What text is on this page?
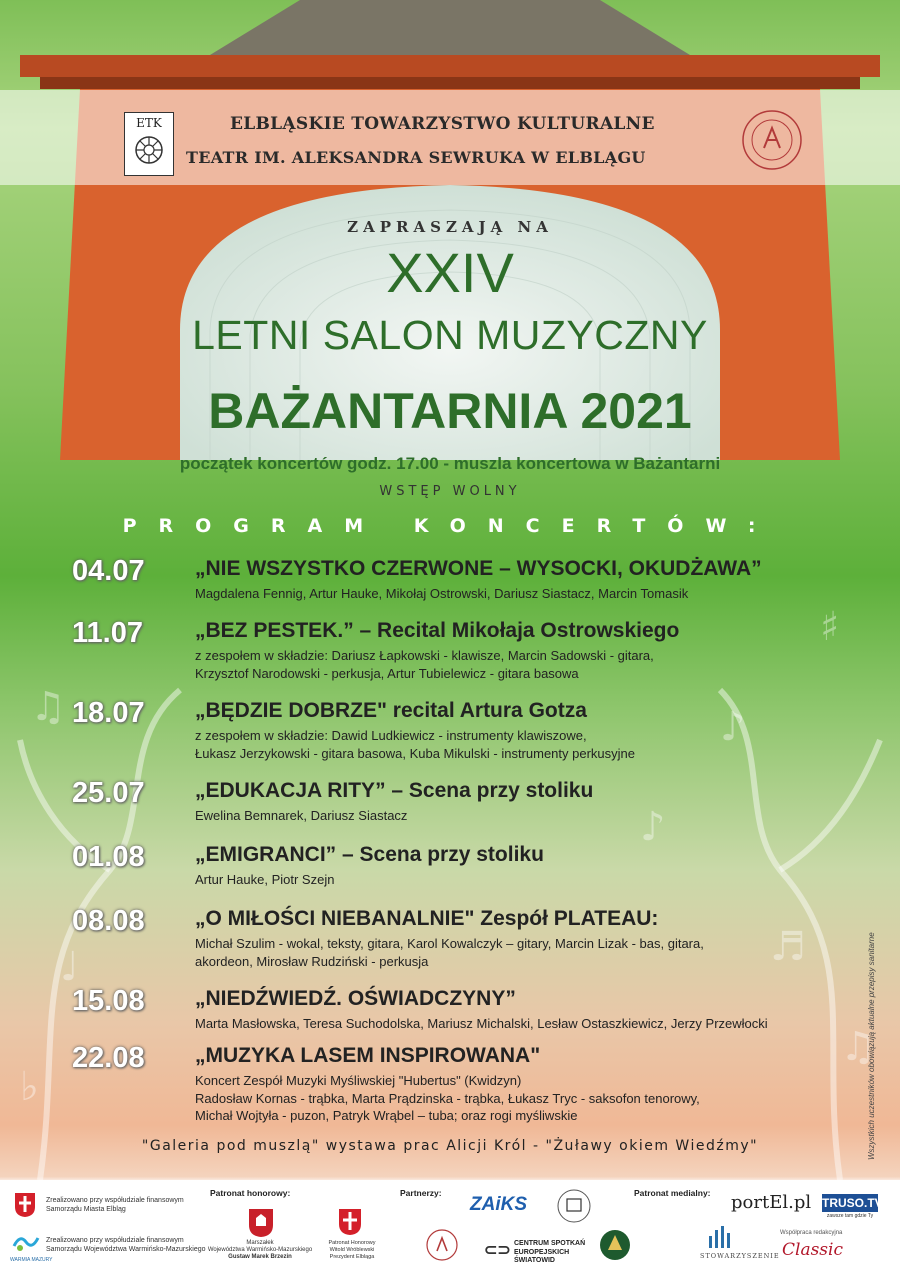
ETK	ELBLĄSKIE TOWARZYSTWO KULTURALNE
TEATR IM. ALEKSANDRA SEWRUKA W ELBLĄGU
ZAPRASZAJĄ NA
XXIV
LETNI SALON MUZYCZNY
BAŻANTARNIA 2021
początek koncertów godz. 17.00 - muszla koncertowa w Bażantarni
WSTĘP WOLNY
PROGRAM KONCERTÓW:
♫	♪
♯
♩	♬
♪
♫
♭
04.07 „NIE WSZYSTKO CZERWONE – WYSOCKI, OKUDŻAWA”
Magdalena Fennig, Artur Hauke, Mikołaj Ostrowski, Dariusz Siastacz, Marcin Tomasik
11.07 „BEZ PESTEK.” – Recital Mikołaja Ostrowskiego
z zespołem w składzie: Dariusz Łapkowski - klawisze, Marcin Sadowski - gitara,
Krzysztof Narodowski - perkusja, Artur Tubielewicz - gitara basowa
18.07 „BĘDZIE DOBRZE" recital Artura Gotza
z zespołem w składzie: Dawid Ludkiewicz - instrumenty klawiszowe,
Łukasz Jerzykowski - gitara basowa, Kuba Mikulski - instrumenty perkusyjne
25.07 „EDUKACJA RITY” – Scena przy stoliku
Ewelina Bemnarek, Dariusz Siastacz
01.08 „EMIGRANCI” – Scena przy stoliku
Artur Hauke, Piotr Szejn
08.08 „O MIŁOŚCI NIEBANALNIE" Zespół PLATEAU:
Michał Szulim - wokal, teksty, gitara, Karol Kowalczyk – gitary, Marcin Lizak - bas, gitara,
akordeon, Mirosław Rudziński - perkusja
15.08 „NIEDŹWIEDŹ. OŚWIADCZYNY”
Marta Masłowska, Teresa Suchodolska, Mariusz Michalski, Lesław Ostaszkiewicz, Jerzy Przewłocki
22.08 „MUZYKA LASEM INSPIROWANA"
Koncert Zespół Muzyki Myśliwskiej "Hubertus" (Kwidzyn)
Radosław Kornas - trąbka, Marta Prądzinska - trąbka, Łukasz Tryc - saksofon tenorowy,
Michał Wojtyła - puzon, Patryk Wrąbel – tuba; oraz rogi myśliwskie
"Galeria pod muszlą" wystawa prac Alicji Król - "Żuławy okiem Wiedźmy"	Wszystkich uczestników obowiązują aktualne przepisy sanitarne
Zrealizowano przy współudziale finansowym
Samorządu Miasta Elbląg
WARMIA MAZURY
Zrealizowano przy współudziale finansowym
Samorządu Województwa Warmińsko-Mazurskiego
Patronat honorowy:
Marszałek
Województwa Warmińsko-Mazurskiego
Gustaw Marek Brzezin
Patronat Honorowy
Witold Wróblewski
Prezydent Elbląga
Partnerzy:
ZAiKS
⊂⊃ CENTRUM SPOTKAŃ
EUROPEJSKICH
ŚWIATOWID
Patronat medialny: portEl.pl TRUSO.TV
zawsze tam gdzie Ty
STOWARZYSZENIE
Współpraca redakcyjna
Classic
